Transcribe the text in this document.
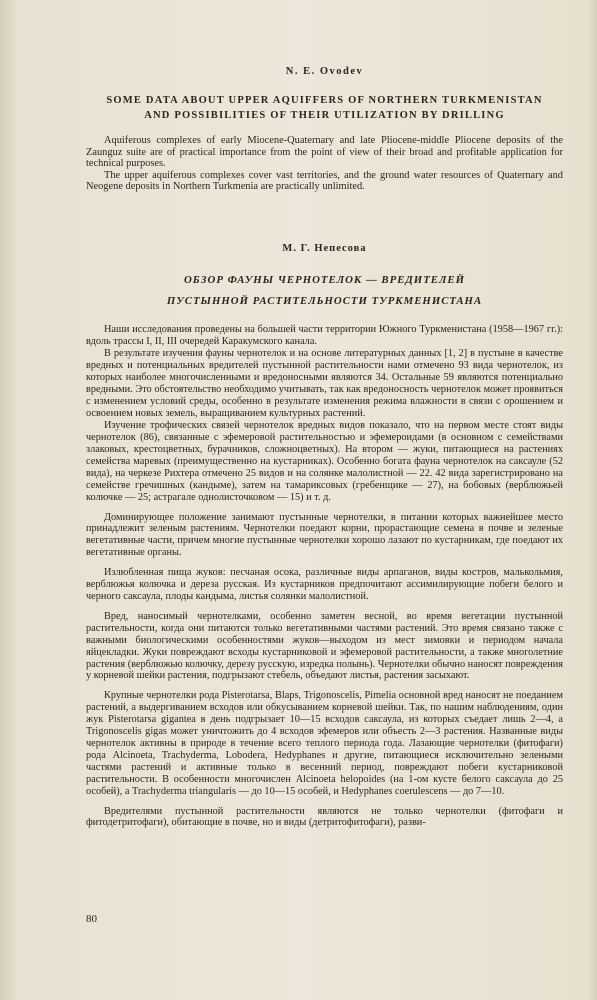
N. E. Ovodev
SOME DATA ABOUT UPPER AQUIFFERS OF NORTHERN TURKMENISTAN
AND POSSIBILITIES OF THEIR UTILIZATION BY DRILLING

Aquiferous complexes of early Miocene-Quaternary and late Pliocene-middle Pliocene deposits of the Zaunguz suite are of practical importance from the point of view of their broad and profitable application for technical purposes.

The upper aquiferous complexes cover vast territories, and the ground water resources of Quaternary and Neogene deposits in Northern Turkmenia are practically unlimited.

М. Г. Непесова
ОБЗОР ФАУНЫ ЧЕРНОТЕЛОК — ВРЕДИТЕЛЕЙ
ПУСТЫННОЙ РАСТИТЕЛЬНОСТИ ТУРКМЕНИСТАНА

Наши исследования проведены на большей части территории Южного Туркменистана (1958—1967 гг.): вдоль трассы I, II, III очередей Каракумского канала.

В результате изучения фауны чернотелок и на основе литературных данных [1, 2] в пустыне в качестве вредных и потенциальных вредителей пустынной растительности нами отмечено 93 вида чернотелок, из которых наиболее многочисленными и вредоносными являются 34. Остальные 59 являются потенциально вредными. Это обстоятельство необходимо учитывать, так как вредоносность чернотелок может проявиться с изменением условий среды, особенно в результате изменения режима влажности в связи с орошением и освоением новых земель, выращиванием культурных растений.

Изучение трофических связей чернотелок вредных видов показало, что на первом месте стоят виды чернотелок (86), связанные с эфемеровой растительностью и эфемероидами (в основном с семействами злаковых, крестоцветных, бурачников, сложноцветных). На втором — жуки, питающиеся на растениях семейства маревых (преимущественно на кустарниках). Особенно богата фауна чернотелок на саксауле (52 вида), на черкезе Рихтера отмечено 25 видов и на солянке малолистной — 22. 42 вида зарегистрировано на семействе гречишных (кандыме), затем на тамариксовых (гребенщике — 27), на бобовых (верблюжьей колючке — 25; астрагале однолисточковом — 15) и т. д.

Доминирующее положение занимают пустынные чернотелки, в питании которых важнейшее место принадлежит зеленым растениям. Чернотелки поедают корни, прорастающие семена в почве и зеленые вегетативные части, причем многие пустынные чернотелки хорошо лазают по кустарникам, где поедают их вегетативные органы.

Излюбленная пища жуков: песчаная осока, различные виды арпаганов, виды костров, малькольмия, верблюжья колючка и дереза русская. Из кустарников предпочитают ассимилирующие побеги белого и черного саксаула, плоды кандыма, листья солянки малолистной.

Вред, наносимый чернотелками, особенно заметен весной, во время вегетации пустынной растительности, когда они питаются только вегетативными частями растений. Это время связано также с важными биологическими особенностями жуков—выходом из мест зимовки и периодом начала яйцекладки. Жуки повреждают всходы кустарниковой и эфемеровой растительности, а также многолетние растения (верблюжью колючку, дерезу русскую, изредка полынь). Чернотелки обычно наносят повреждения у корневой шейки растения, подгрызают стебель, объедают листья, растения засыхают.

Крупные чернотелки рода Pisterotarsa, Blaps, Trigonoscelis, Pimelia основной вред наносят не поеданием растений, а выдергиванием всходов или обкусыванием корневой шейки. Так, по нашим наблюдениям, один жук Pisterotarsa gigantea в день подгрызает 10—15 всходов саксаула, из которых съедает лишь 2—4, а Trigonoscelis gigas может уничтожить до 4 всходов эфемеров или объесть 2—3 растения. Названные виды чернотелок активны в природе в течение всего теплого периода года. Лазающие чернотелки (фитофаги) рода Alcinoeta, Trachyderma, Lobodera, Hedyphanes и другие, питающиеся исключительно зелеными частями растений и активные только в весенний период, повреждают побеги кустарниковой растительности. В особенности многочислен Alcinoeta helopoides (на 1-ом кусте белого саксаула до 25 особей), а Trachyderma triangularis — до 10—15 особей, и Hedyphanes coerulescens — до 7—10.

Вредителями пустынной растительности являются не только чернотелки (фитофаги и фитодетритофаги), обитающие в почве, но и виды (детритофитофаги), разви-

80
